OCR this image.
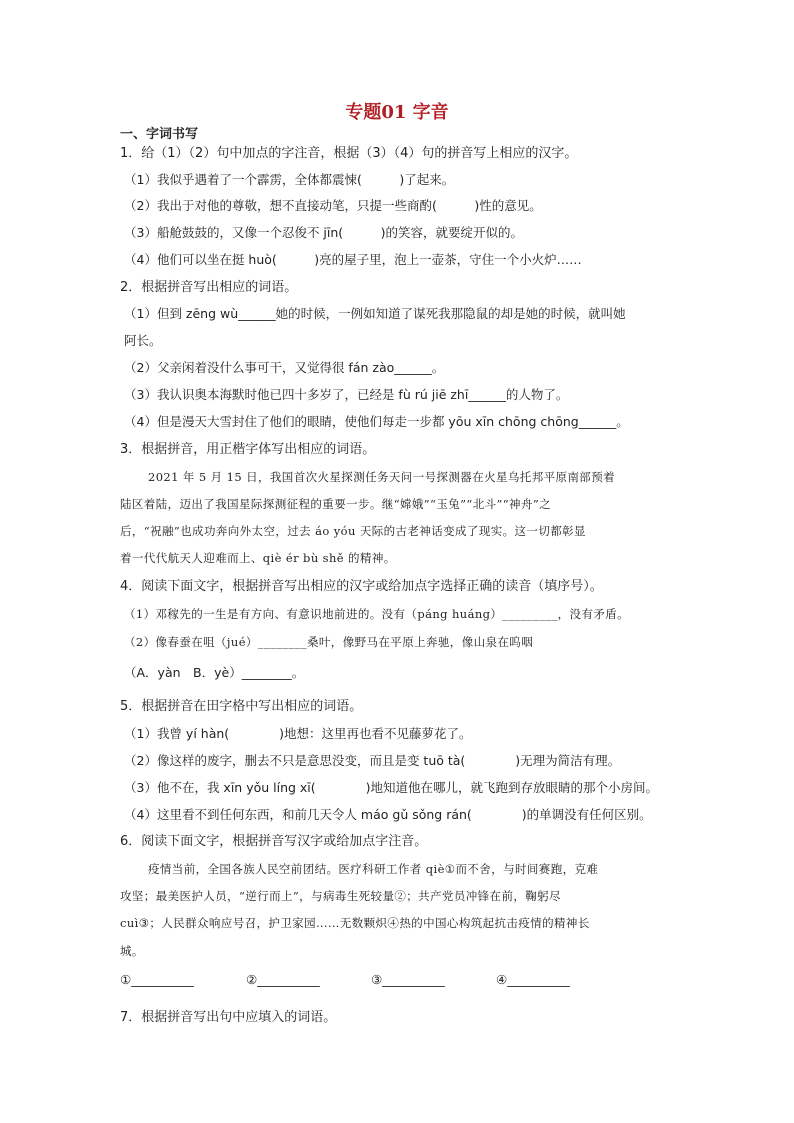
专题01 字音
一、字词书写
1．给（1）（2）句中加点的字注音，根据（3）（4）句的拼音写上相应的汉字。
（1）我似乎遇着了一个霹雳，全体都震悚(　　　)了起来。
（2）我出于对他的尊敬，想不直接动笔，只提一些商酌(　　　)性的意见。
（3）船舱鼓鼓的，又像一个忍俊不 jīn(　　　)的笑容，就要绽开似的。
（4）他们可以坐在挺 huò(　　　)亮的屋子里，泡上一壶茶，守住一个小火炉……
2．根据拼音写出相应的词语。
（1）但到 zēng wù______她的时候，一例如知道了谋死我那隐鼠的却是她的时候，就叫她
阿长。
（2）父亲闲着没什么事可干，又觉得很 fán zào______。
（3）我认识奥本海默时他已四十多岁了，已经是 fù rú jiē zhī______的人物了。
（4）但是漫天大雪封住了他们的眼睛，使他们每走一步都 yōu xīn chōng chōng______。
3．根据拼音，用正楷字体写出相应的词语。
2021 年 5 月 15 日，我国首次火星探测任务天问一号探测器在火星乌托邦平原南部预着
陆区着陆，迈出了我国星际探测征程的重要一步。继“嫦娥”“玉兔”“北斗”“神舟”之
后，“祝融”也成功奔向外太空，过去 áo yóu 天际的古老神话变成了现实。这一切都彰显
着一代代航天人迎难而上、qiè ér bù shě 的精神。
4．阅读下面文字，根据拼音写出相应的汉字或给加点字选择正确的读音（填序号）。
（1）邓稼先的一生是有方向、有意识地前进的。没有（páng huáng）_________，没有矛盾。
（2）像春蚕在咀（jué）________桑叶，像野马在平原上奔驰，像山泉在呜咽
（A．yàn　B．yè）________。
5．根据拼音在田字格中写出相应的词语。
（1）我曾 yí hàn(　　　　)地想：这里再也看不见藤萝花了。
（2）像这样的废字，删去不只是意思没变，而且是变 tuō tà(　　　　)无理为简洁有理。
（3）他不在，我 xīn yǒu líng xī(　　　　)地知道他在哪儿，就飞跑到存放眼睛的那个小房间。
（4）这里看不到任何东西，和前几天令人 máo gǔ sǒng rán(　　　　)的单调没有任何区别。
6．阅读下面文字，根据拼音写汉字或给加点字注音。
疫情当前，全国各族人民空前团结。医疗科研工作者 qiè①而不舍，与时间赛跑，克难
攻坚；最美医护人员，“逆行而上”，与病毒生死较量②；共产党员冲锋在前，鞠躬尽
cuì③；人民群众响应号召，护卫家园……无数颗炽④热的中国心构筑起抗击疫情的精神长
城。
①__________	②__________	③__________	④__________
7．根据拼音写出句中应填入的词语。
